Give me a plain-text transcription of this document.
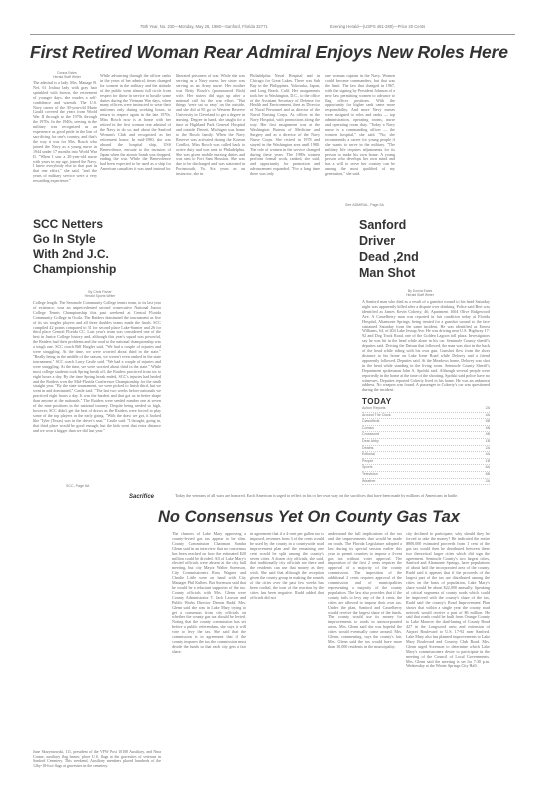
75th Year, No. 230—Monday, May 26, 1980—Sanford, Florida 32771	Evening Herald—(USPS 481-280)—Price 20 Cents
First Retired Woman Rear Admiral Enjoys New Roles Here
Donna Estes
Herald Staff Writer

The admiral is a lady. Mrs. Manage B. Nef, 61 Joshua lady with gray hair sprinkled with brown, the retirement of younger days, she exudes a self-confidence and warmth. The U.S. Navy career of the 30-year-old Marie Gould covered the years from World War II through to the 1970s through the 1970s. In the 1940s, serving in the military was recognized as an experience as good pride in the line of sacrificing for one's country, and that's the way it was for Mrs. Bosch who joined the Navy as a young nurse in 1944 under 17 months into World War II. "When I saw a 20-year-old nurse with years in my age, joined the Navy. I knew everybody else in that part in that one effort," she said, "and the years of military service were a very rewarding experience."

While advancing through the officer ranks in the years of her admiral, times changed for women in the military and the attitude of the public went almost full circle from respect for those in service to hostile some duties during the Vietnam War days, when many officers were instructed to wear their uniforms only during working hours, to return to respect again in the late 1970s. Miss Bosch now is at home with her retired in the first woman rear admiral of the Navy to do so, and about the Sanford Woman's Club and recognized as her retirement honor. In mid-1980, she was aboard the hospital ship, USS Benevolence, enroute to the invasion of Japan when the atomic bomb was dropped, ending the war. While the Benevolence had been expected to be used as a ship for American casualties it was used instead for

liberated prisoners of war. While she was serving as a Navy nurse, her sister was serving as an Army nurse. Her mother was Betty Bosch's (pronounced Bish) wife. Her sisters did sign up after a national call for the war effort. "But things 'were sat so easy' on the outside, and she did at 85 go to Western Reserve University in Cleveland to get a degree in nursing. Degree in hand, she taught for a time at Highland Park General Hospital and outside Detroit, Michigan was home to the Bosch family. When the Navy Reserve was activated during the Korean Conflict, Miss Bosch was called back to active duty and was sent to Philadelphia. She was given mobile nursing duties and was sent to Fort Sam Houston. She was due to be discharged and was stationed in Portsmouth, Va. Six years as an instructor, she in

Philadelphia Naval Hospital and in Chicago for Great Lakes. There was Sub Bay in the Philippines. Yokosuka, Japan, and Long Beach, Calif. Her assignments took her to Washington, D.C., to the office of the Assistant Secretary of Defense for Health and Environment, then as Director of Naval Personnel and as director of the Naval Nursing Corps. As officer in the Navy Hospital, with promotions along the way. Her first assignment was at the Washington Bureau of Medicine and Surgery and as a director of the Navy Nurse Corps. She retired in 1978 and stayed in the Washington area until 1980. The role of women in the service changed during these years. The 1980s women perform formal work, ranked, she said, and opportunity for promotion and advancement expanded. "For a long time there was only

one woman captain in the Navy. Women could become commanders, but that was the limit. The law that changed in 1967, with the signing by President Johnson of a new law permitting women to advance to flag officer positions. With the opportunity for higher rank came more responsibility. And more Navy nurses were assigned to roles and ranks — top administration, operating rooms, nurse and operating room duty. "Today a Navy nurse is a commanding officer — the women hospital," she said. "No, she recommends a career for young people if she wants to serve in the military. "The military life requires adjustments for its person to make his own home. A young person who develops her own mind and has a will to serve her country can be among the most qualified of my generation," she said.

See ADMIRAL, Page 5A
SCC Netters
Go In Style
With 2nd J.C.
Championship
By Chris Fisher
Herald Sports Writer

College length. The Seminole Community College tennis team, to its last year of existence, won an unprecedented second consecutive National Junior College Tennis Championship this past weekend at Central Florida Community College in Ocala. The Raiders dominated the tournament as five of its six singles players and all three doubles teams made the finals. SCC compiled 42 points compared to 31 for second place Lake-Sumter and 26 for third place Central Florida CC. Last year's team was considered one of the best in Junior College history and, although this year's squad was powerful, the Raiders had their problems and the road to the national championship was a tough one. SCC coach Bill Haigler said, "We had a couple of injuries and were struggling. At the time, we were worried about third in the state." "Really being in the middle of the season, we weren't even ranked in the state tournament," SCC coach Larry Castle said. "We had a couple of injuries and were struggling. At the time, we were worried about third in the state." While most college students took Spring break off, the Raiders practiced from six to eight hours a day. By the time Spring break ended, SCC's injuries had healed and the Raiders won the Mid-Florida Conference Championship for the ninth straight year. "By the state tournament, we were picked to finish third, but we went in and dominated," Castle said. "The last two weeks before nationals we practiced eight hours a day. It was the hardest and that got us in better shape than anyone at the nationals." The Raiders were seeded number one at seven of the nine positions in the national tourney. Despite being seeded so high, however, SCC didn't get the best of draws as the Raiders were forced to play some of the top players in the early going. "With the draw we got, it looked like 'Tyler (Texas) was in the driver's seat,'" Castle said. "I thought, going in, that third place would be good enough, but the kids went that extra distance and we won it bigger than we did last year."

SCC, Page 6A
Sacrifice	Today the veterans of all wars are honored. Each American is urged to reflect in his or her own way on the sacrifices that have been made by millions of Americans in battle.

June Skrzyniowski, 111, president of the VFW Post 10108 Auxiliary, and Nina Crume, auxiliary flag bearer, place U.S. flags at the gravesites of veterans in Sanford Cemetery. This weekend, Auxiliary members placed hundreds of the 12by-18-foot flags at gravesites in the cemetery.
Sanford
Driver
Dead ,2nd
Man Shot
By Donna Estes
Herald Staff Writer

A Sanford man who died as a result of a gunshot wound to his head Saturday night was apparently killed after a dispute over drinking. Police said Beri was identified as James Kevin Cokerty, 46, Apartment 1604 Olive Ridgewood Ave. A Casselberry man was reported in fair condition today at Florida Hospital, Altamonte Springs, being treated for a gunshot wound to the face sustained Saturday from the same incident. He was identified as Ernest Williams, 64, of 404 Lake Jessup Ave. He was driving near U.S. Highway 17-92 and Dog Track Road, one of the Golden Lagoon toll plaza. Investigators say he was hit in the head while alone in his car. Seminole County sheriff's deputies said. Driving the Datsun that followed, the man was shot in the back of the head while riding with his own gun. Gunshot flew from the short distance to his home on Lake Irene Road while Delorey and a friend apparently followed. Deputies said. At the Meadows home, Delorey was shot in the head while standing in the living room. Seminole County Sheriff's Department spokesman John A. Spolski said. Although several people were reportedly in the home at the time of the shooting, Spolski said police have no witnesses. Deputies reported Cokerty lived in his home. He was an unknown address. No weapon was found. A passenger in Cokerty's car was questioned during the incident.

TODAY
Action Reports	2A
Around The Clock	4A
Classifieds	5B
Comics	4B
Crossword	4B
Dear Abby	1B
Deaths	2A
Editorial	4A
People	1B
Sports	6A
Television	6B
Weather	2A
No Consensus Yet On County Gas Tax

The chances of Lake Mary approving a county-levied gas tax appear to be slim. County Commission Chairman Sandra Glenn said in an interview that no consensus has been reached on how the estimated $20 million could be divided. All of Lake Mary's elected officials were absent at the city hall meeting, but city Mayor Walter Sorenson, City Commissioners Russ Wagner and Charlie Little were on hand with City Manager Phil Kulbes. But Sorenson said that he would be a reluctant supporter of the tax. County officials with Mrs. Glenn were County Administrator T. Jack Lawson and Public Works Director Dennis Rudd. Mrs. Glenn said she was in Lake Mary trying to get a consensus from city officials on whether the county gas tax should be levied. Noting that the county commission has set before a public referendum, she says it will vote to levy the tax. She said that the commission is in agreement that if the county imposes the tax the commission must divide the funds so that each city gets a fair share.

in agreement that if a 4-cent per gallon tax is imposed, revenues from 3 of the cents would be used by the county in a countywide road improvement plan and the remaining one cent would be split among the county's seven cities. A dozen city officials, she said, that traditionally city officials are there and the residents can use that money as they wish. She said that although the reception given the county group in making the rounds of the cities over the past few weeks has been cordial, the tone of the reaction by the cities has been negative. Rudd added that officials did not

understand the full implications of the tax and the improvements that would be made on roads. The Florida Legislature adopted a law during its special session earlier this year to permit counties to impose a 4-cent gas tax without voter approval. The imposition of the first 2 cents requires the approval of a majority of the county commission. The imposition of the additional 2 cents requires approval of the commission and of municipalities representing a majority of the county population. The law also provides that if the county fails to levy any of the 4 cents, the cities are allowed to impose their own tax. Under the plan, Sanford and Casselberry would receive the largest share of the funds. The county would use its money for improvements to roads in unincorporated areas. Mrs. Glenn said she was hopeful the cities would eventually come around. Mrs. Glenn, commenting, says the county's fair, Mrs. Glenn said the tax would have more than 10,000 residents in the municipality.

city declined to participate, why should they be forced to take the money? He indicated the entire $800,000 estimated proceeds from 1 cent of the gas tax would then be distributed between these two theoretical larger cities which did sign the agreement. Seminole County's two largest cities, Sanford and Altamonte Springs, have populations of about half the incorporated area of the county. Rudd said it appears that if the proceeds of the largest part of the tax are distributed among the cities on the basis of population, Lake Mary's share would be about $22,000 annually. Speaking of critical segments of county roads which could be improved with the county's share of the tax, Rudd said the county's Road Improvement Plan shows that within a single year the county road network would receive a part of $6 million. He said that roads could be built from Orange County to Lake Monroe; the dual-laning of County Road 427 in the Longwood area; and extension of Airport Boulevard to U.S. 17-92 near Sanford. Lake Mary also has planned improvements to Lake Mary Boulevard and Country Club Road. Mrs. Glenn urged Sorenson to determine which Lake Mary's commissioners desire to participate in the meeting of the Council of Local Governments. Mrs. Glenn said the meeting is set for 7:30 p.m. Wednesday at the Winter Springs City Hall.
